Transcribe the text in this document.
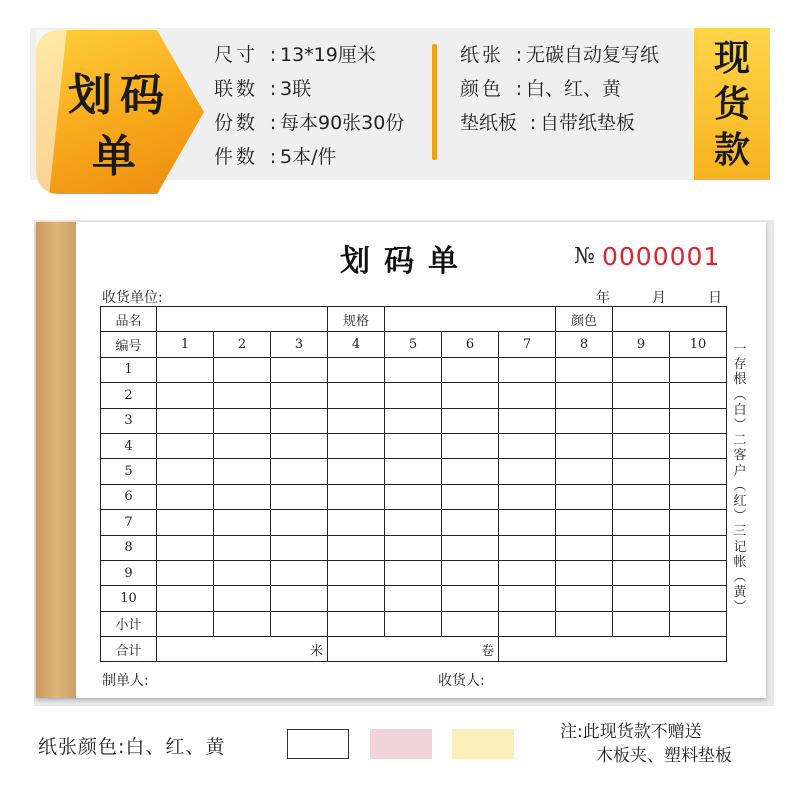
划码
单
尺寸 : 13*19厘米
联数 : 3联
份数 : 每本90张30份
件数 : 5本/件
纸张 : 无碳自动复写纸
颜色 : 白、红、黄
垫纸板 : 自带纸垫板
现货款
划码单	№ 0000001
收货单位:	年	月	日
品名				规格				颜色		
编号	1	2	3	4	5	6	7	8	9	10
1										
2										
3										
4										
5										
6										
7										
8										
9										
10										
小计										
合计	米			卷						
一
存
根
︵
白
︶
二
客
户
︵
红
︶
三
记
帐
︵
黄
︶
制单人:	收货人:
纸张颜色:白、红、黄
注:此现货款不赠送
木板夹、塑料垫板
